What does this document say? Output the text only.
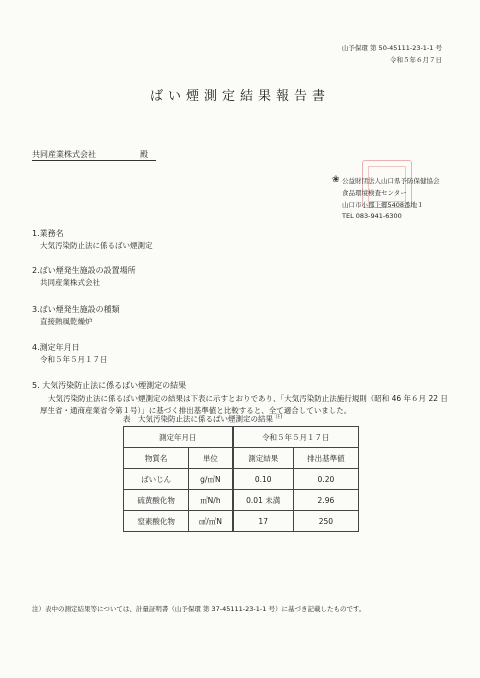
山予保環 第 50-45111-23-1-1 号
令和５年６月７日
ばい煙測定結果報告書
共同産業株式会社	殿
❀ 公益財団法人山口県予防保健協会
食品環境検査センター
山口市小郡上郷5408番地１
TEL 083-941-6300
1.業務名
大気汚染防止法に係るばい煙測定
2.ばい煙発生施設の設置場所
共同産業株式会社
3.ばい煙発生施設の種類
直接熱風乾燥炉
4.測定年月日
令和５年５月１７日
5. 大気汚染防止法に係るばい煙測定の結果
大気汚染防止法に係るばい煙測定の結果は下表に示すとおりであり、「大気汚染防止法施行規則（昭和 46 年６月 22 日厚生省・通商産業省令第１号）」に基づく排出基準値と比較すると、全て適合していました。
表　大気汚染防止法に係るばい煙測定の結果 $^{注)}$
測定年月日		令和５年５月１７日	
物質名	単位	測定結果	排出基準値
ばいじん	g/㎥N	0.10	0.20
硫黄酸化物	㎥N/h	0.01 未満	2.96
窒素酸化物	㎤/㎥N	17	250
注）表中の測定結果等については、計量証明書（山予保環 第 37-45111-23-1-1 号）に基づき記載したものです。
